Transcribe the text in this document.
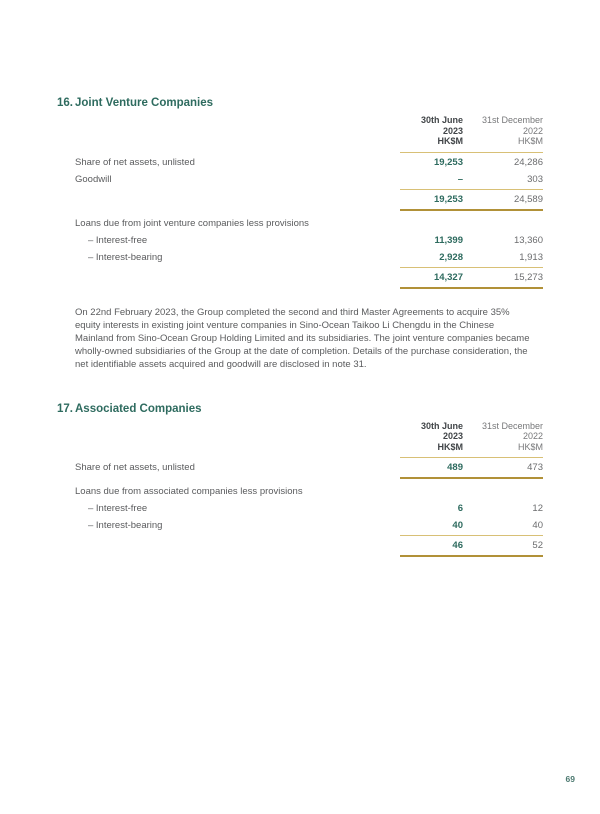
16. Joint Venture Companies
30th June
2023
HK$M
31st December
2022
HK$M
Share of net assets, unlisted	19,253	24,286
Goodwill	–	303
19,253	24,589
Loans due from joint venture companies less provisions
– Interest-free	11,399	13,360
– Interest-bearing	2,928	1,913
14,327	15,273

On 22nd February 2023, the Group completed the second and third Master Agreements to acquire 35% equity interests in existing joint venture companies in Sino-Ocean Taikoo Li Chengdu in the Chinese Mainland from Sino-Ocean Group Holding Limited and its subsidiaries. The joint venture companies became wholly-owned subsidiaries of the Group at the date of completion. Details of the purchase consideration, the net identifiable assets acquired and goodwill are disclosed in note 31.

17. Associated Companies
30th June
2023
HK$M
31st December
2022
HK$M
Share of net assets, unlisted	489	473
Loans due from associated companies less provisions
– Interest-free	6	12
– Interest-bearing	40	40
46	52
69
